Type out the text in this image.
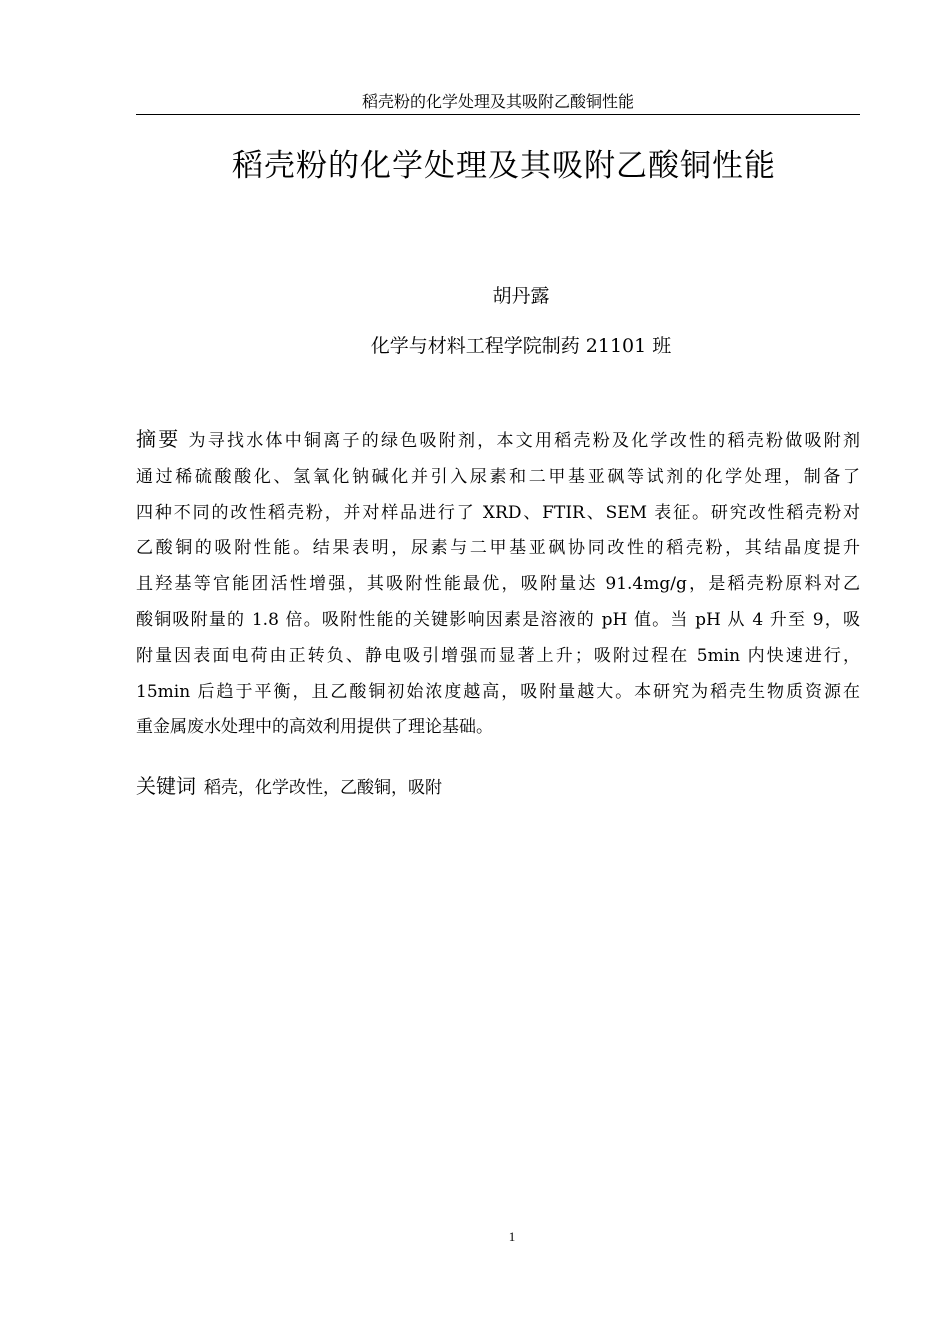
稻壳粉的化学处理及其吸附乙酸铜性能
稻壳粉的化学处理及其吸附乙酸铜性能
胡丹露
化学与材料工程学院制药 21101 班
摘要 为寻找水体中铜离子的绿色吸附剂，本文用稻壳粉及化学改性的稻壳粉做吸附剂
通过稀硫酸酸化、氢氧化钠碱化并引入尿素和二甲基亚砜等试剂的化学处理，制备了
四种不同的改性稻壳粉，并对样品进行了 XRD、FTIR、SEM 表征。研究改性稻壳粉对
乙酸铜的吸附性能。结果表明，尿素与二甲基亚砜协同改性的稻壳粉，其结晶度提升
且羟基等官能团活性增强，其吸附性能最优，吸附量达 91.4mg/g，是稻壳粉原料对乙
酸铜吸附量的 1.8 倍。吸附性能的关键影响因素是溶液的 pH 值。当 pH 从 4 升至 9，吸
附量因表面电荷由正转负、静电吸引增强而显著上升；吸附过程在 5min 内快速进行，
15min 后趋于平衡，且乙酸铜初始浓度越高，吸附量越大。本研究为稻壳生物质资源在
重金属废水处理中的高效利用提供了理论基础。
关键词 稻壳，化学改性，乙酸铜，吸附
1
